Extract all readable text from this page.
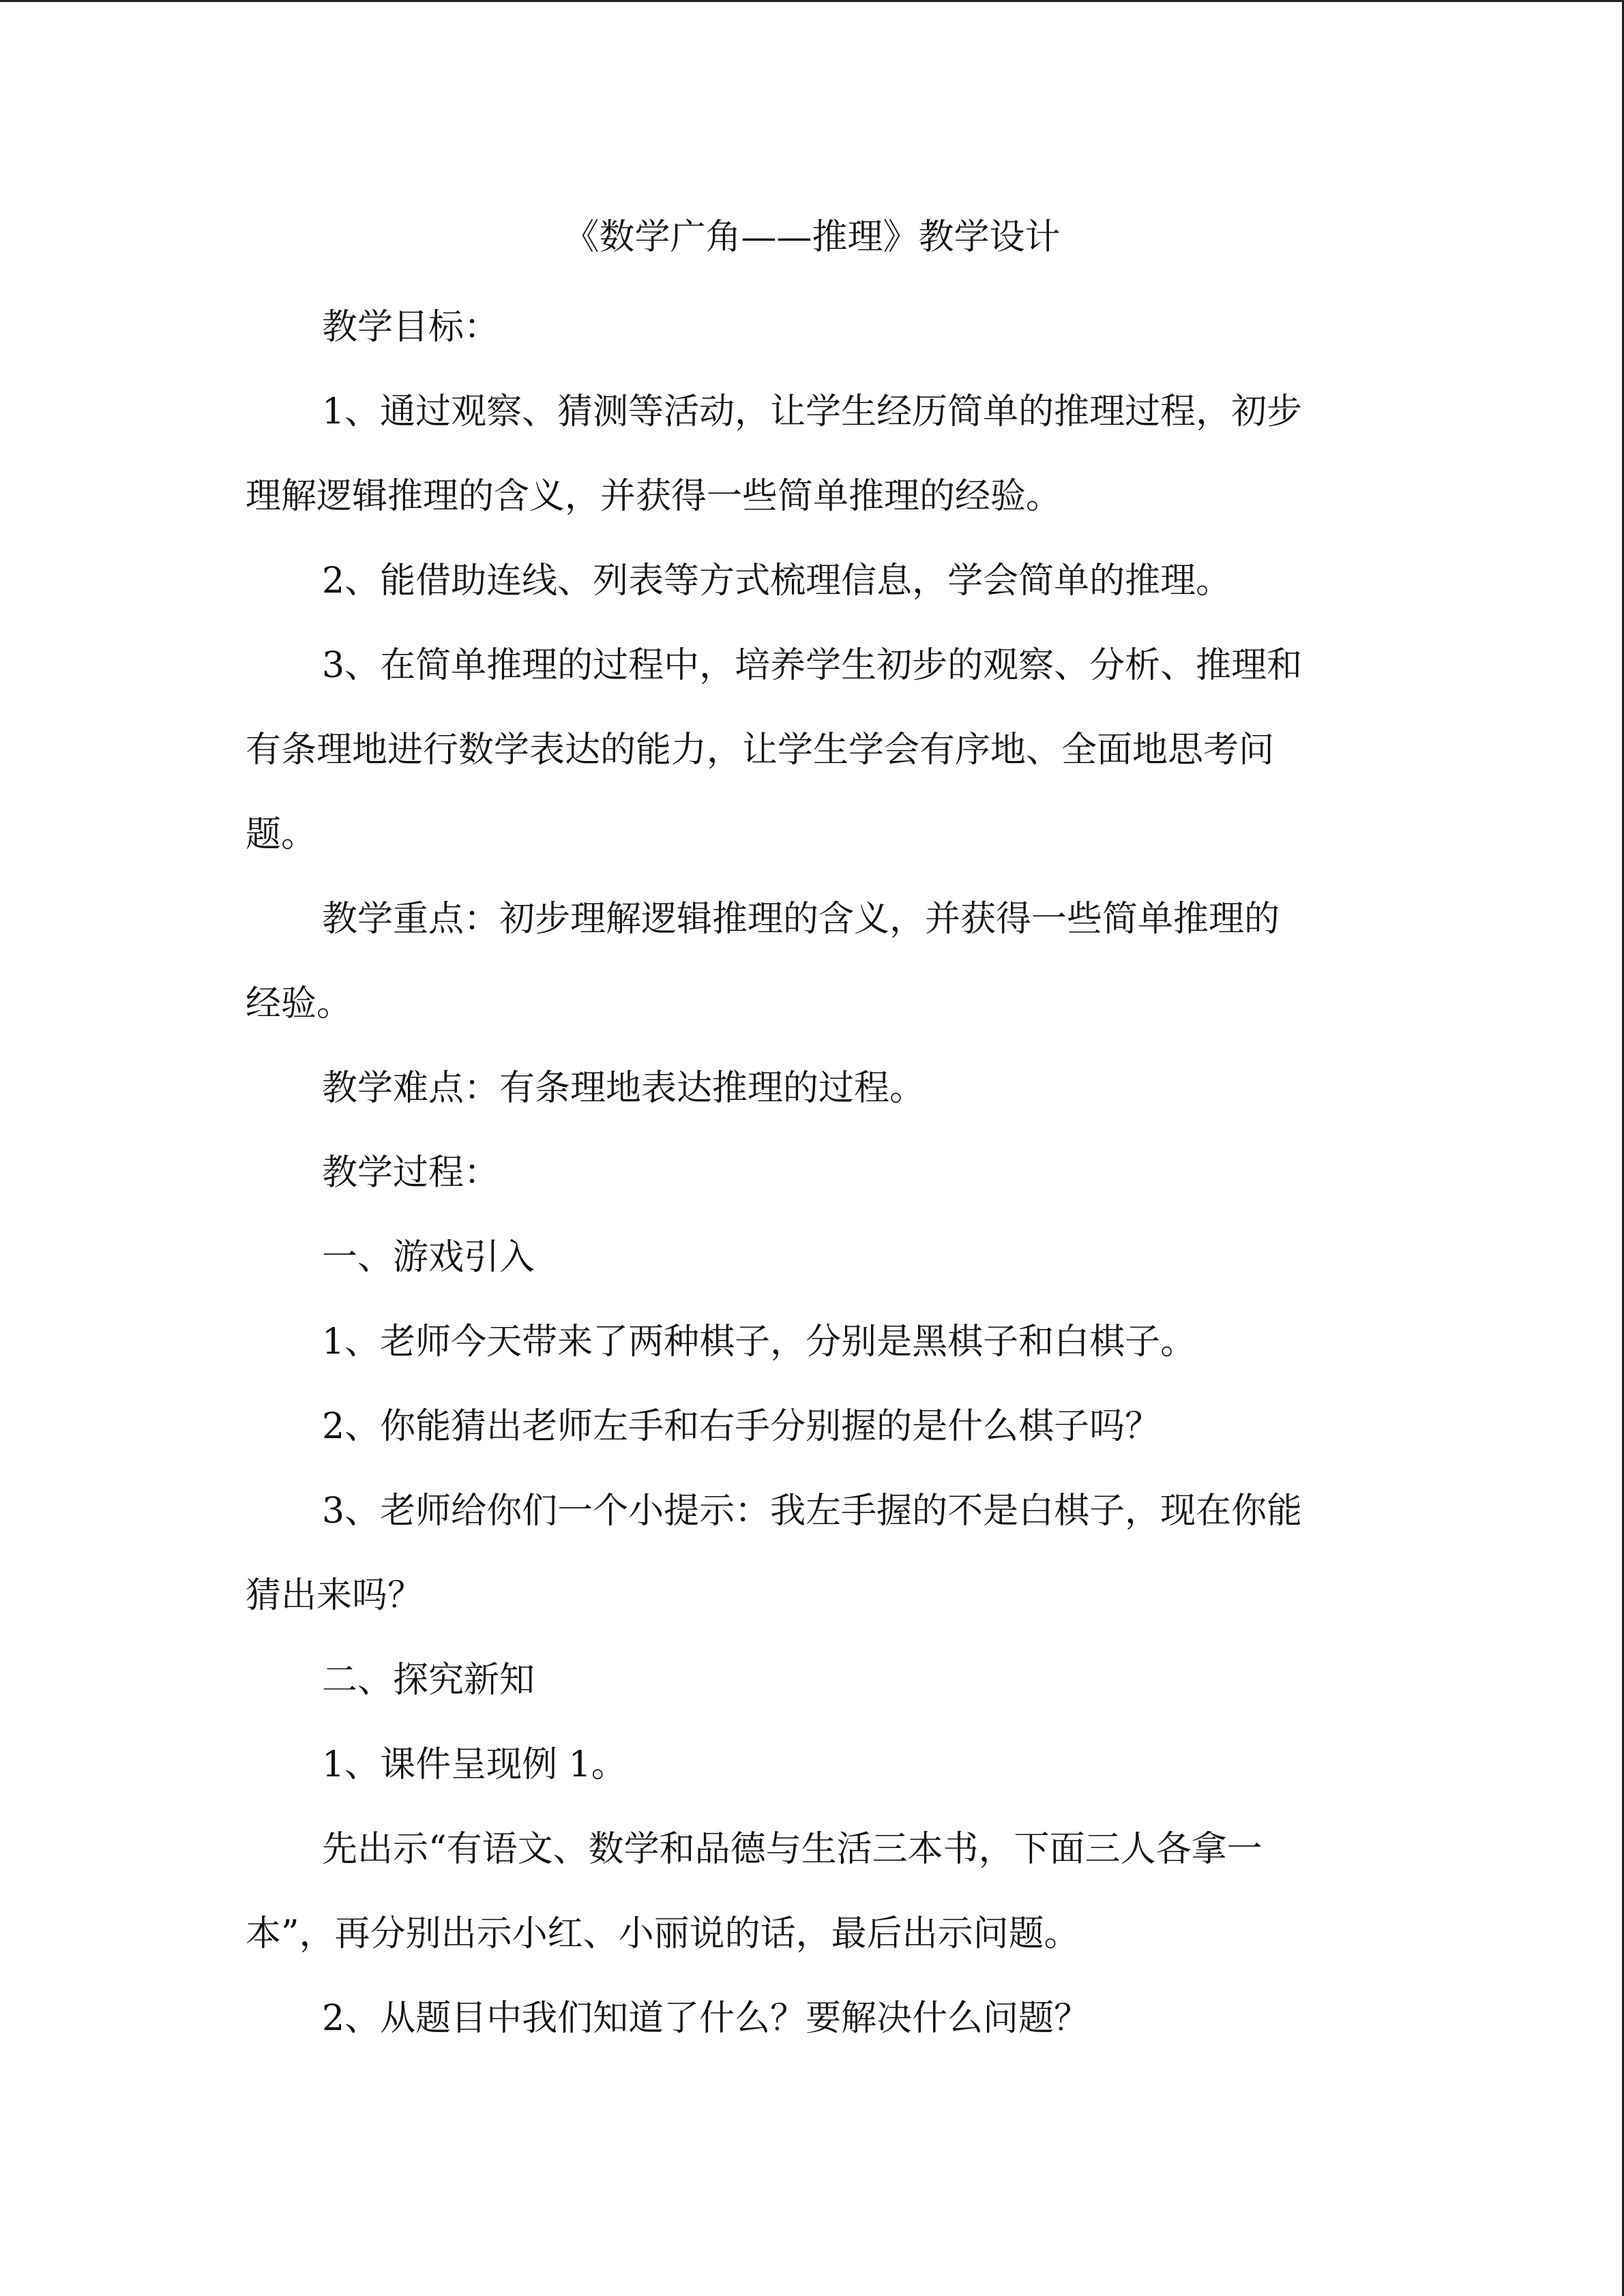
《数学广角——推理》教学设计
教学目标：
1、通过观察、猜测等活动，让学生经历简单的推理过程，初步
理解逻辑推理的含义，并获得一些简单推理的经验。
2、能借助连线、列表等方式梳理信息，学会简单的推理。
3、在简单推理的过程中，培养学生初步的观察、分析、推理和
有条理地进行数学表达的能力，让学生学会有序地、全面地思考问
题。
教学重点：初步理解逻辑推理的含义，并获得一些简单推理的
经验。
教学难点：有条理地表达推理的过程。
教学过程：
一、游戏引入
1、老师今天带来了两种棋子，分别是黑棋子和白棋子。
2、你能猜出老师左手和右手分别握的是什么棋子吗？
3、老师给你们一个小提示：我左手握的不是白棋子，现在你能
猜出来吗？
二、探究新知
1、课件呈现例 1。
先出示“有语文、数学和品德与生活三本书，下面三人各拿一
本”，再分别出示小红、小丽说的话，最后出示问题。
2、从题目中我们知道了什么？要解决什么问题？
